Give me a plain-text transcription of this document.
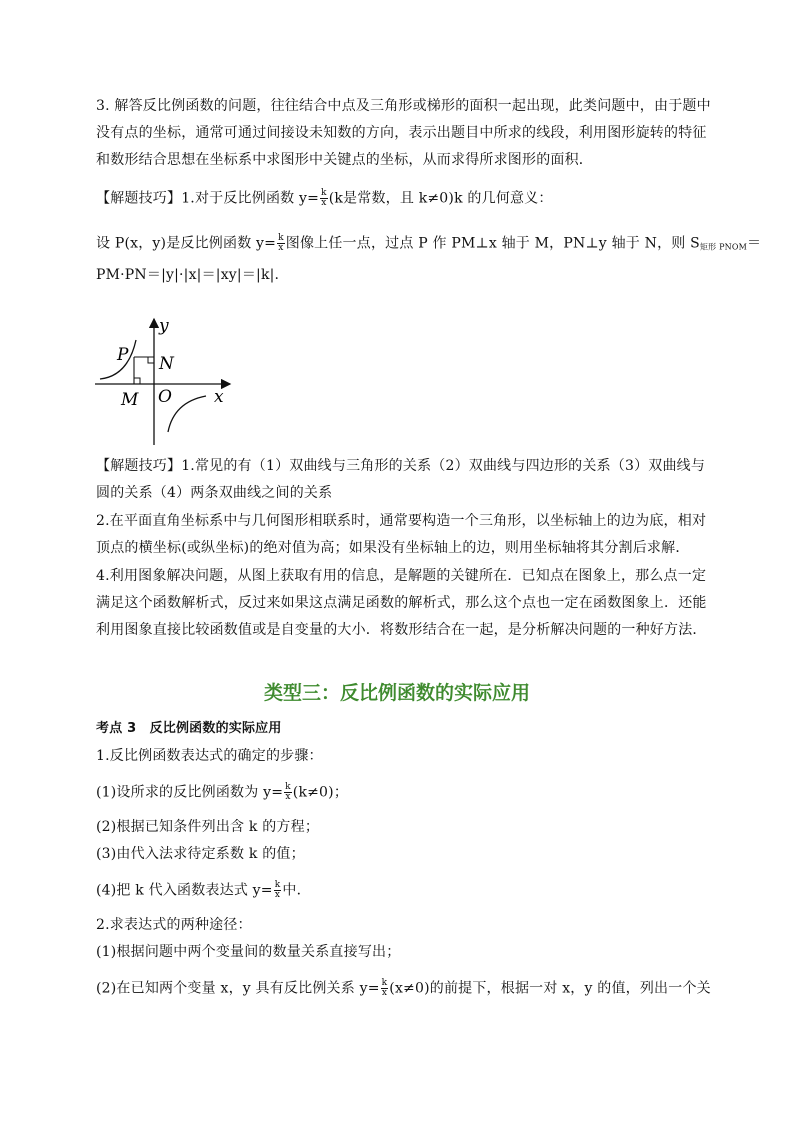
3. 解答反比例函数的问题，往往结合中点及三角形或梯形的面积一起出现，此类问题中，由于题中
没有点的坐标，通常可通过间接设未知数的方向，表示出题目中所求的线段，利用图形旋转的特征
和数形结合思想在坐标系中求图形中关键点的坐标，从而求得所求图形的面积．
【解题技巧】1.对于反比例函数 $y= \frac{k}{x} (k$是常数，且 k≠0)k 的几何意义：
设 P(x，y)是反比例函数 $y= \frac{k}{x}$ 图像上任一点，过点 P 作 PM⊥x 轴于 M，PN⊥y 轴于 N，则 $S_{矩形 PNOM}=$
PM·PN＝|y|·|x|＝|xy|＝|k|.
y
x
P N
M O
【解题技巧】1.常见的有（1）双曲线与三角形的关系（2）双曲线与四边形的关系（3）双曲线与
圆的关系（4）两条双曲线之间的关系
2.在平面直角坐标系中与几何图形相联系时，通常要构造一个三角形，以坐标轴上的边为底，相对
顶点的横坐标(或纵坐标)的绝对值为高；如果没有坐标轴上的边，则用坐标轴将其分割后求解．
4.利用图象解决问题，从图上获取有用的信息，是解题的关键所在．已知点在图象上，那么点一定
满足这个函数解析式，反过来如果这点满足函数的解析式，那么这个点也一定在函数图象上．还能
利用图象直接比较函数值或是自变量的大小．将数形结合在一起，是分析解决问题的一种好方法．
类型三：反比例函数的实际应用
考点 3　反比例函数的实际应用
1.反比例函数表达式的确定的步骤：
(1)设所求的反比例函数为 $y= \frac{k}{x} (k\ne 0)$；
(2)根据已知条件列出含 k 的方程；
(3)由代入法求待定系数 k 的值；
(4)把 k 代入函数表达式 $y= \frac{k}{x}$ 中．
2.求表达式的两种途径：
(1)根据问题中两个变量间的数量关系直接写出；
(2)在已知两个变量 x，y 具有反比例关系 $y= \frac{k}{x} (x\ne 0)$的前提下，根据一对 x，y 的值，列出一个关
